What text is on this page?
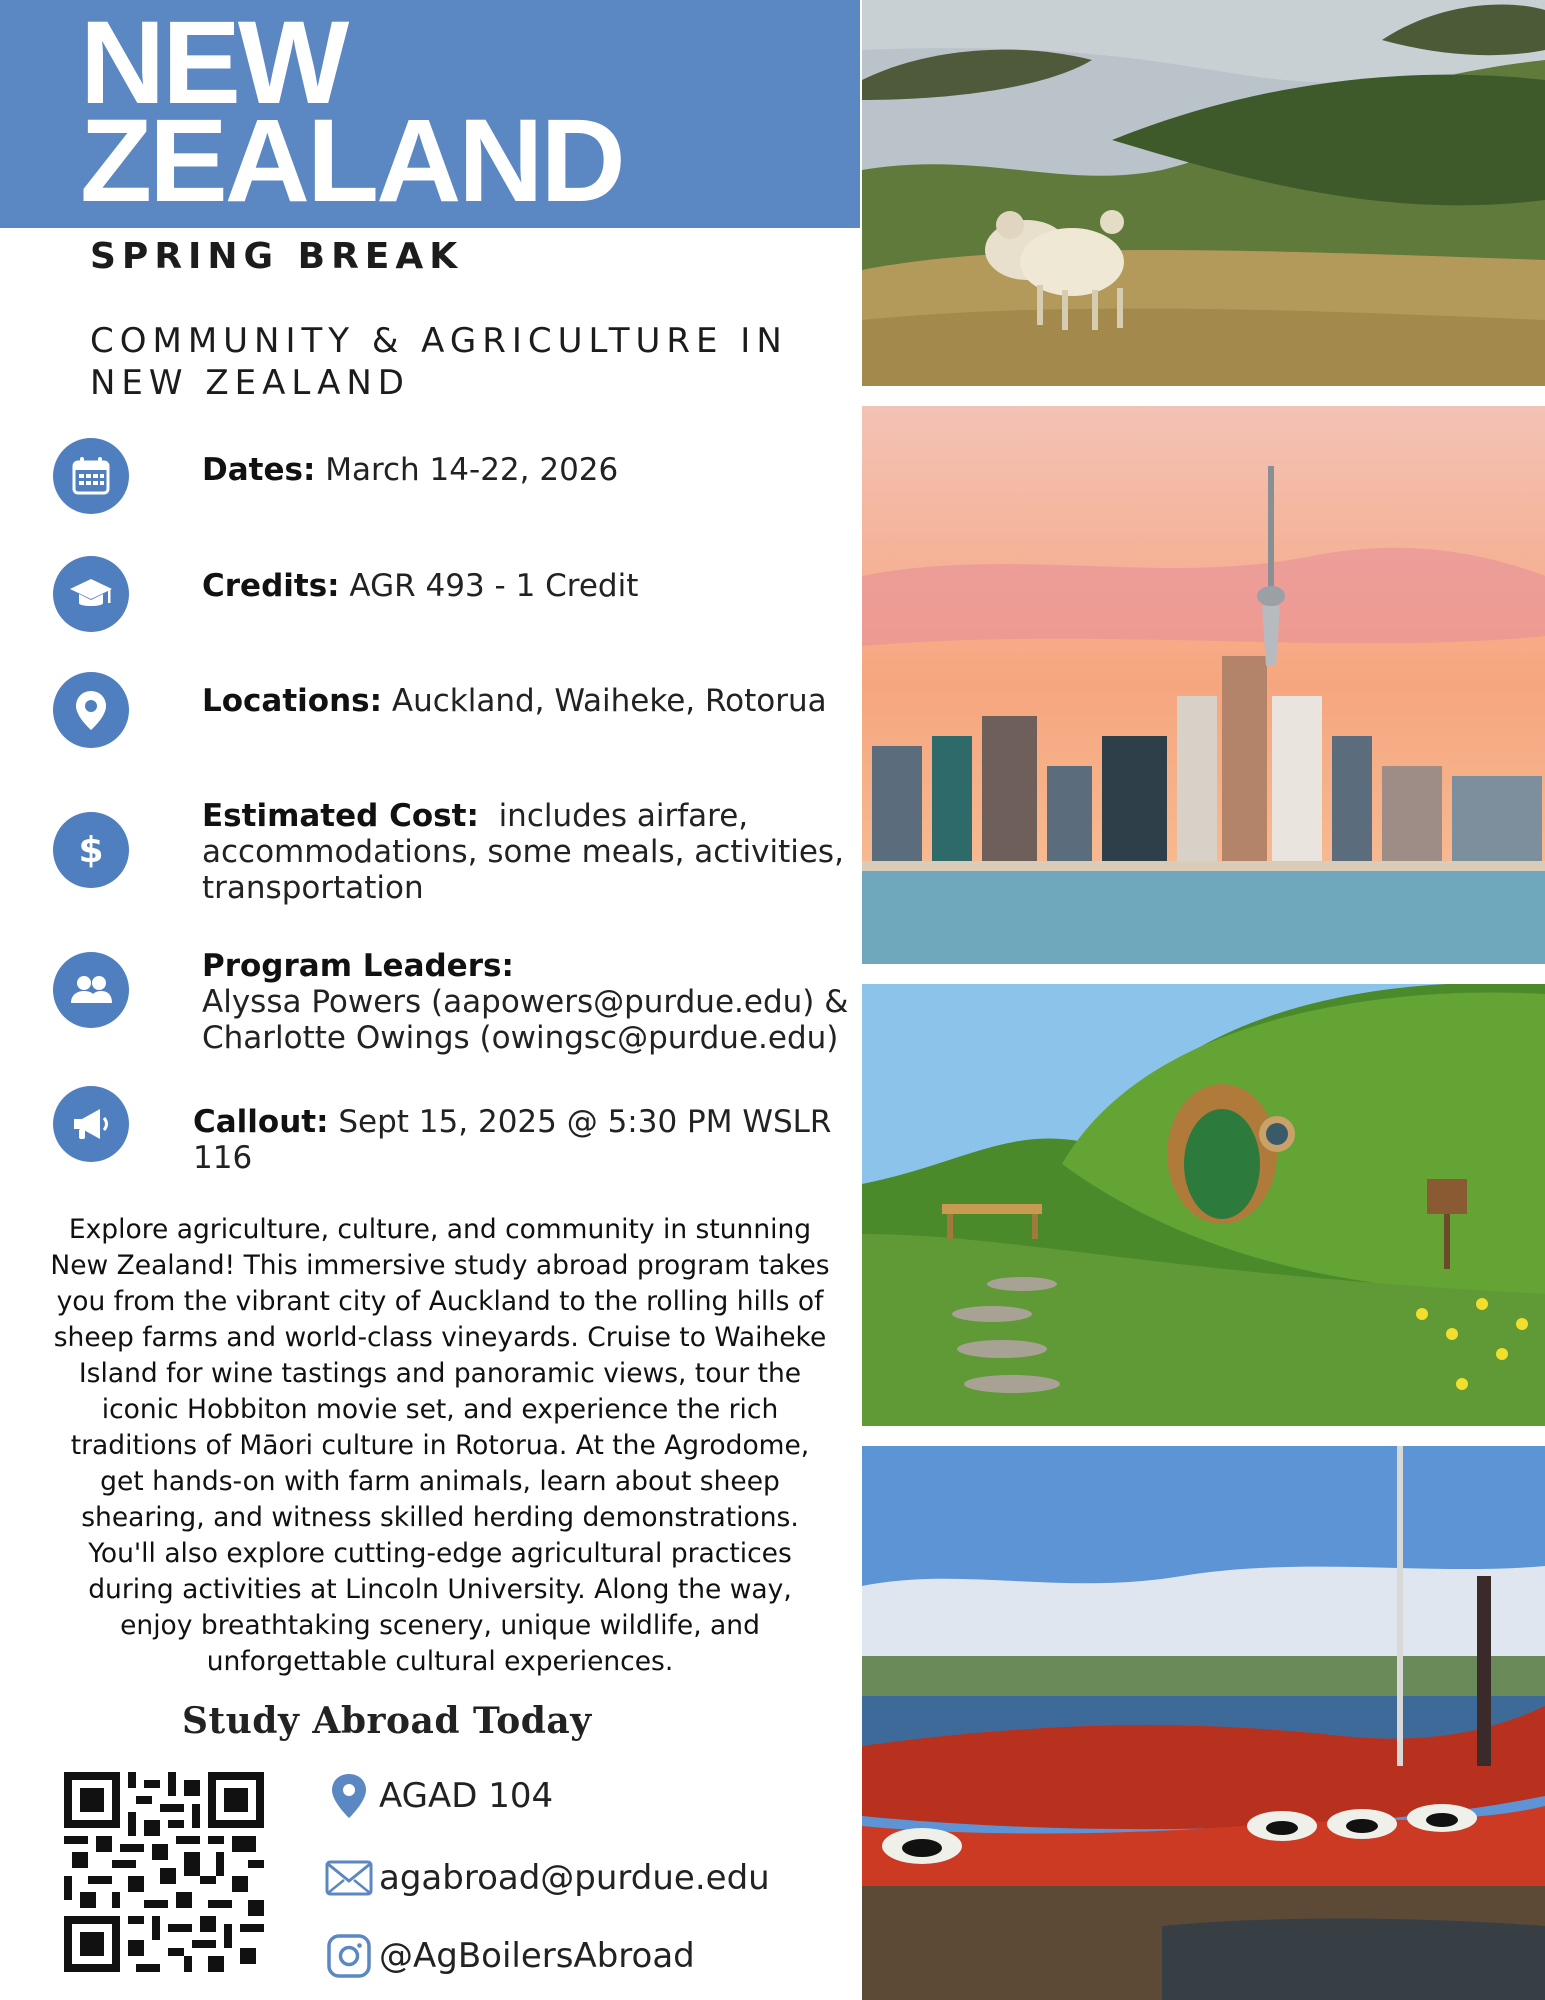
NEW
ZEALAND
SPRING BREAK
COMMUNITY & AGRICULTURE IN NEW ZEALAND
Dates: March 14-22, 2026
Credits: AGR 493 - 1 Credit
Locations: Auckland, Waiheke, Rotorua
$
Estimated Cost: includes airfare, accommodations, some meals, activities, transportation
Program Leaders:
Alyssa Powers (aapowers@purdue.edu) &
Charlotte Owings (owingsc@purdue.edu)
Callout: Sept 15, 2025 @ 5:30 PM WSLR 116
Explore agriculture, culture, and community in stunning New Zealand! This immersive study abroad program takes you from the vibrant city of Auckland to the rolling hills of sheep farms and world-class vineyards. Cruise to Waiheke Island for wine tastings and panoramic views, tour the iconic Hobbiton movie set, and experience the rich traditions of Māori culture in Rotorua. At the Agrodome, get hands-on with farm animals, learn about sheep shearing, and witness skilled herding demonstrations. You'll also explore cutting-edge agricultural practices during activities at Lincoln University. Along the way, enjoy breathtaking scenery, unique wildlife, and unforgettable cultural experiences.
Study Abroad Today
AGAD 104
agabroad@purdue.edu
@AgBoilersAbroad
